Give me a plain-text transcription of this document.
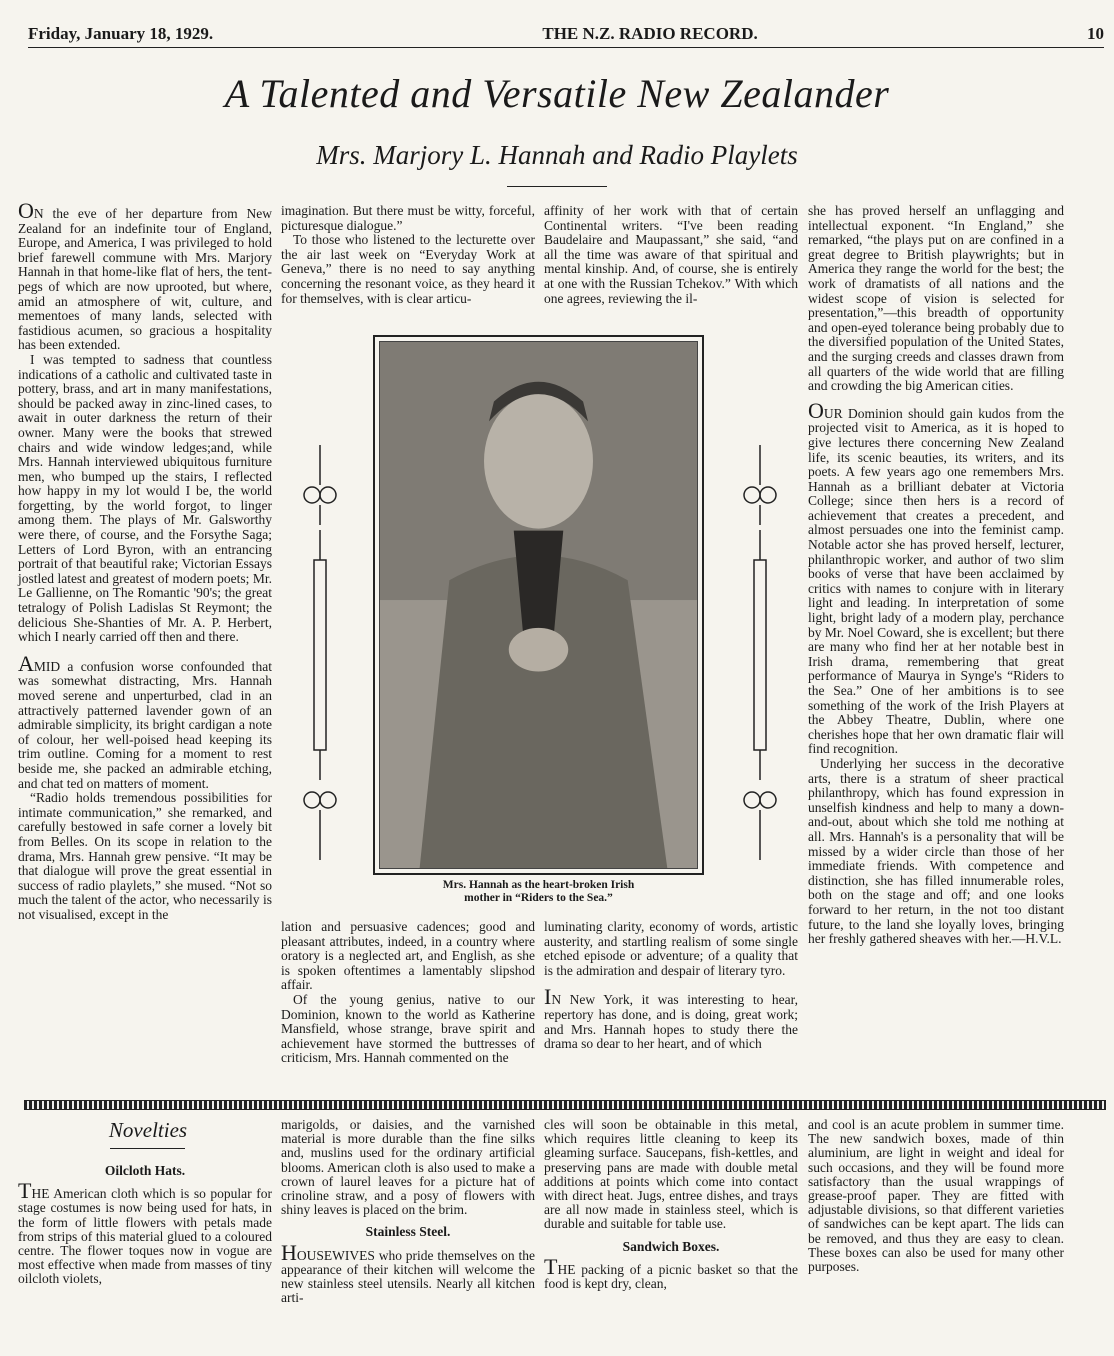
Friday, January 18, 1929.	THE N.Z. RADIO RECORD.	10
A Talented and Versatile New Zealander
Mrs. Marjory L. Hannah and Radio Playlets

ON the eve of her departure from New Zealand for an indefinite tour of England, Europe, and America, I was privileged to hold brief farewell commune with Mrs. Marjory Hannah in that home-like flat of hers, the tent-pegs of which are now uprooted, but where, amid an atmosphere of wit, culture, and mementoes of many lands, selected with fastidious acumen, so gracious a hospitality has been extended.

I was tempted to sadness that countless indications of a catholic and cultivated taste in pottery, brass, and art in many manifestations, should be packed away in zinc-lined cases, to await in outer darkness the return of their owner. Many were the books that strewed chairs and wide window ledges;and, while Mrs. Hannah interviewed ubiquitous furniture men, who bumped up the stairs, I reflected how happy in my lot would I be, the world forgetting, by the world forgot, to linger among them. The plays of Mr. Galsworthy were there, of course, and the Forsythe Saga; Letters of Lord Byron, with an entrancing portrait of that beautiful rake; Victorian Essays jostled latest and greatest of modern poets; Mr. Le Gallienne, on The Romantic '90's; the great tetralogy of Polish Ladislas St Reymont; the delicious She-Shanties of Mr. A. P. Herbert, which I nearly carried off then and there.

AMID a confusion worse confounded that was somewhat distracting, Mrs. Hannah moved serene and unperturbed, clad in an attractively patterned lavender gown of an admirable simplicity, its bright cardigan a note of colour, her well-poised head keeping its trim outline. Coming for a moment to rest beside me, she packed an admirable etching, and chat ted on matters of moment.

“Radio holds tremendous possibilities for intimate communication,” she remarked, and carefully bestowed in safe corner a lovely bit from Belles. On its scope in relation to the drama, Mrs. Hannah grew pensive. “It may be that dialogue will prove the great essential in success of radio playlets,” she mused. “Not so much the talent of the actor, who necessarily is not visualised, except in the

imagination. But there must be witty, forceful, picturesque dialogue.”

To those who listened to the lecturette over the air last week on “Everyday Work at Geneva,” there is no need to say anything concerning the resonant voice, as they heard it for themselves, with is clear articu-

affinity of her work with that of certain Continental writers. “I've been reading Baudelaire and Maupassant,” she said, “and all the time was aware of that spiritual and mental kinship. And, of course, she is entirely at one with the Russian Tchekov.” With which one agrees, reviewing the il-

Mrs. Hannah as the heart-broken Irish
mother in “Riders to the Sea.”

lation and persuasive cadences; good and pleasant attributes, indeed, in a country where oratory is a neglected art, and English, as she is spoken oftentimes a lamentably slipshod affair.

Of the young genius, native to our Dominion, known to the world as Katherine Mansfield, whose strange, brave spirit and achievement have stormed the buttresses of criticism, Mrs. Hannah commented on the

luminating clarity, economy of words, artistic austerity, and startling realism of some single etched episode or adventure; of a quality that is the admiration and despair of literary tyro.

IN New York, it was interesting to hear, repertory has done, and is doing, great work; and Mrs. Hannah hopes to study there the drama so dear to her heart, and of which

she has proved herself an unflagging and intellectual exponent. “In England,” she remarked, “the plays put on are confined in a great degree to British playwrights; but in America they range the world for the best; the work of dramatists of all nations and the widest scope of vision is selected for presentation,”—this breadth of opportunity and open-eyed tolerance being probably due to the diversified population of the United States, and the surging creeds and classes drawn from all quarters of the wide world that are filling and crowding the big American cities.

OUR Dominion should gain kudos from the projected visit to America, as it is hoped to give lectures there concerning New Zealand life, its scenic beauties, its writers, and its poets. A few years ago one remembers Mrs. Hannah as a brilliant debater at Victoria College; since then hers is a record of achievement that creates a precedent, and almost persuades one into the feminist camp. Notable actor she has proved herself, lecturer, philanthropic worker, and author of two slim books of verse that have been acclaimed by critics with names to conjure with in literary light and leading. In interpretation of some light, bright lady of a modern play, perchance by Mr. Noel Coward, she is excellent; but there are many who find her at her notable best in Irish drama, remembering that great performance of Maurya in Synge's “Riders to the Sea.” One of her ambitions is to see something of the work of the Irish Players at the Abbey Theatre, Dublin, where one cherishes hope that her own dramatic flair will find recognition.

Underlying her success in the decorative arts, there is a stratum of sheer practical philanthropy, which has found expression in unselfish kindness and help to many a down-and-out, about which she told me nothing at all. Mrs. Hannah's is a personality that will be missed by a wider circle than those of her immediate friends. With competence and distinction, she has filled innumerable roles, both on the stage and off; and one looks forward to her return, in the not too distant future, to the land she loyally loves, bringing her freshly gathered sheaves with her.—H.V.L.

Novelties
Oilcloth Hats.

THE American cloth which is so popular for stage costumes is now being used for hats, in the form of little flowers with petals made from strips of this material glued to a coloured centre. The flower toques now in vogue are most effective when made from masses of tiny oilcloth violets,

marigolds, or daisies, and the varnished material is more durable than the fine silks and, muslins used for the ordinary artificial blooms. American cloth is also used to make a crown of laurel leaves for a picture hat of crinoline straw, and a posy of flowers with shiny leaves is placed on the brim.

Stainless Steel.

HOUSEWIVES who pride themselves on the appearance of their kitchen will welcome the new stainless steel utensils. Nearly all kitchen arti-

cles will soon be obtainable in this metal, which requires little cleaning to keep its gleaming surface. Saucepans, fish-kettles, and preserving pans are made with double metal additions at points which come into contact with direct heat. Jugs, entree dishes, and trays are all now made in stainless steel, which is durable and suitable for table use.

Sandwich Boxes.

THE packing of a picnic basket so that the food is kept dry, clean,

and cool is an acute problem in summer time. The new sandwich boxes, made of thin aluminium, are light in weight and ideal for such occasions, and they will be found more satisfactory than the usual wrappings of grease-proof paper. They are fitted with adjustable divisions, so that different varieties of sandwiches can be kept apart. The lids can be removed, and thus they are easy to clean. These boxes can also be used for many other purposes.
